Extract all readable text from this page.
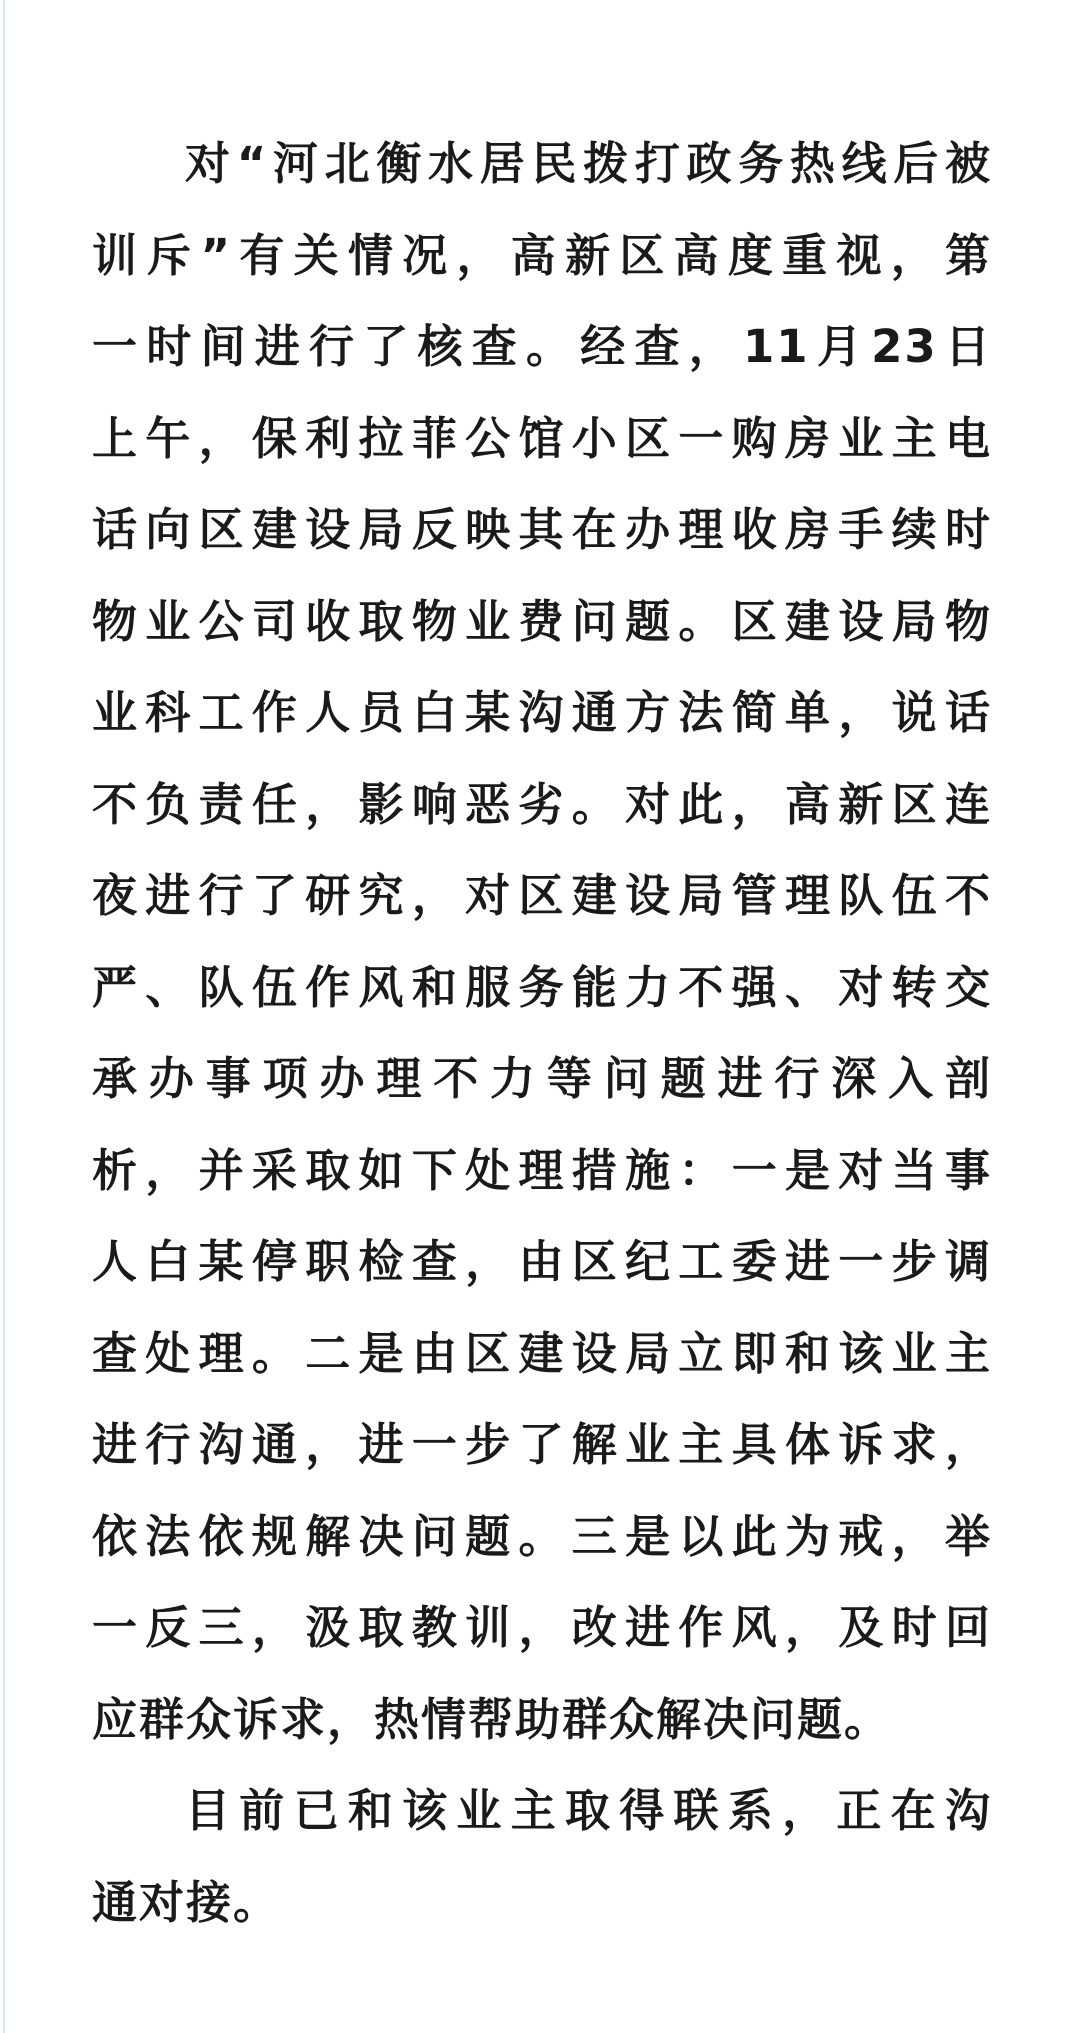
对“河北衡水居民拨打政务热线后被
训斥”有关情况，高新区高度重视，第
一时间进行了核查。经查，11月23日
上午，保利拉菲公馆小区一购房业主电
话向区建设局反映其在办理收房手续时
物业公司收取物业费问题。区建设局物
业科工作人员白某沟通方法简单，说话
不负责任，影响恶劣。对此，高新区连
夜进行了研究，对区建设局管理队伍不
严、队伍作风和服务能力不强、对转交
承办事项办理不力等问题进行深入剖
析，并采取如下处理措施：一是对当事
人白某停职检查，由区纪工委进一步调
查处理。二是由区建设局立即和该业主
进行沟通，进一步了解业主具体诉求，
依法依规解决问题。三是以此为戒，举
一反三，汲取教训，改进作风，及时回
应群众诉求，热情帮助群众解决问题。
目前已和该业主取得联系，正在沟
通对接。
